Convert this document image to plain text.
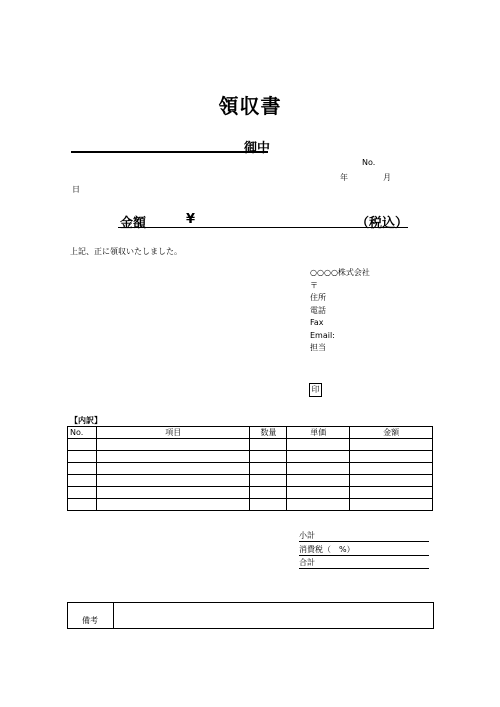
領収書
御中
No.
年	月
日
金額	¥	（税込）
上記、正に領収いたしました。
○○○○株式会社
〒
住所
電話
Fax
Email:
担当
印
【内訳】
No.	項目	数量	単価	金額

小計
消費税（　%）
合計
備考
